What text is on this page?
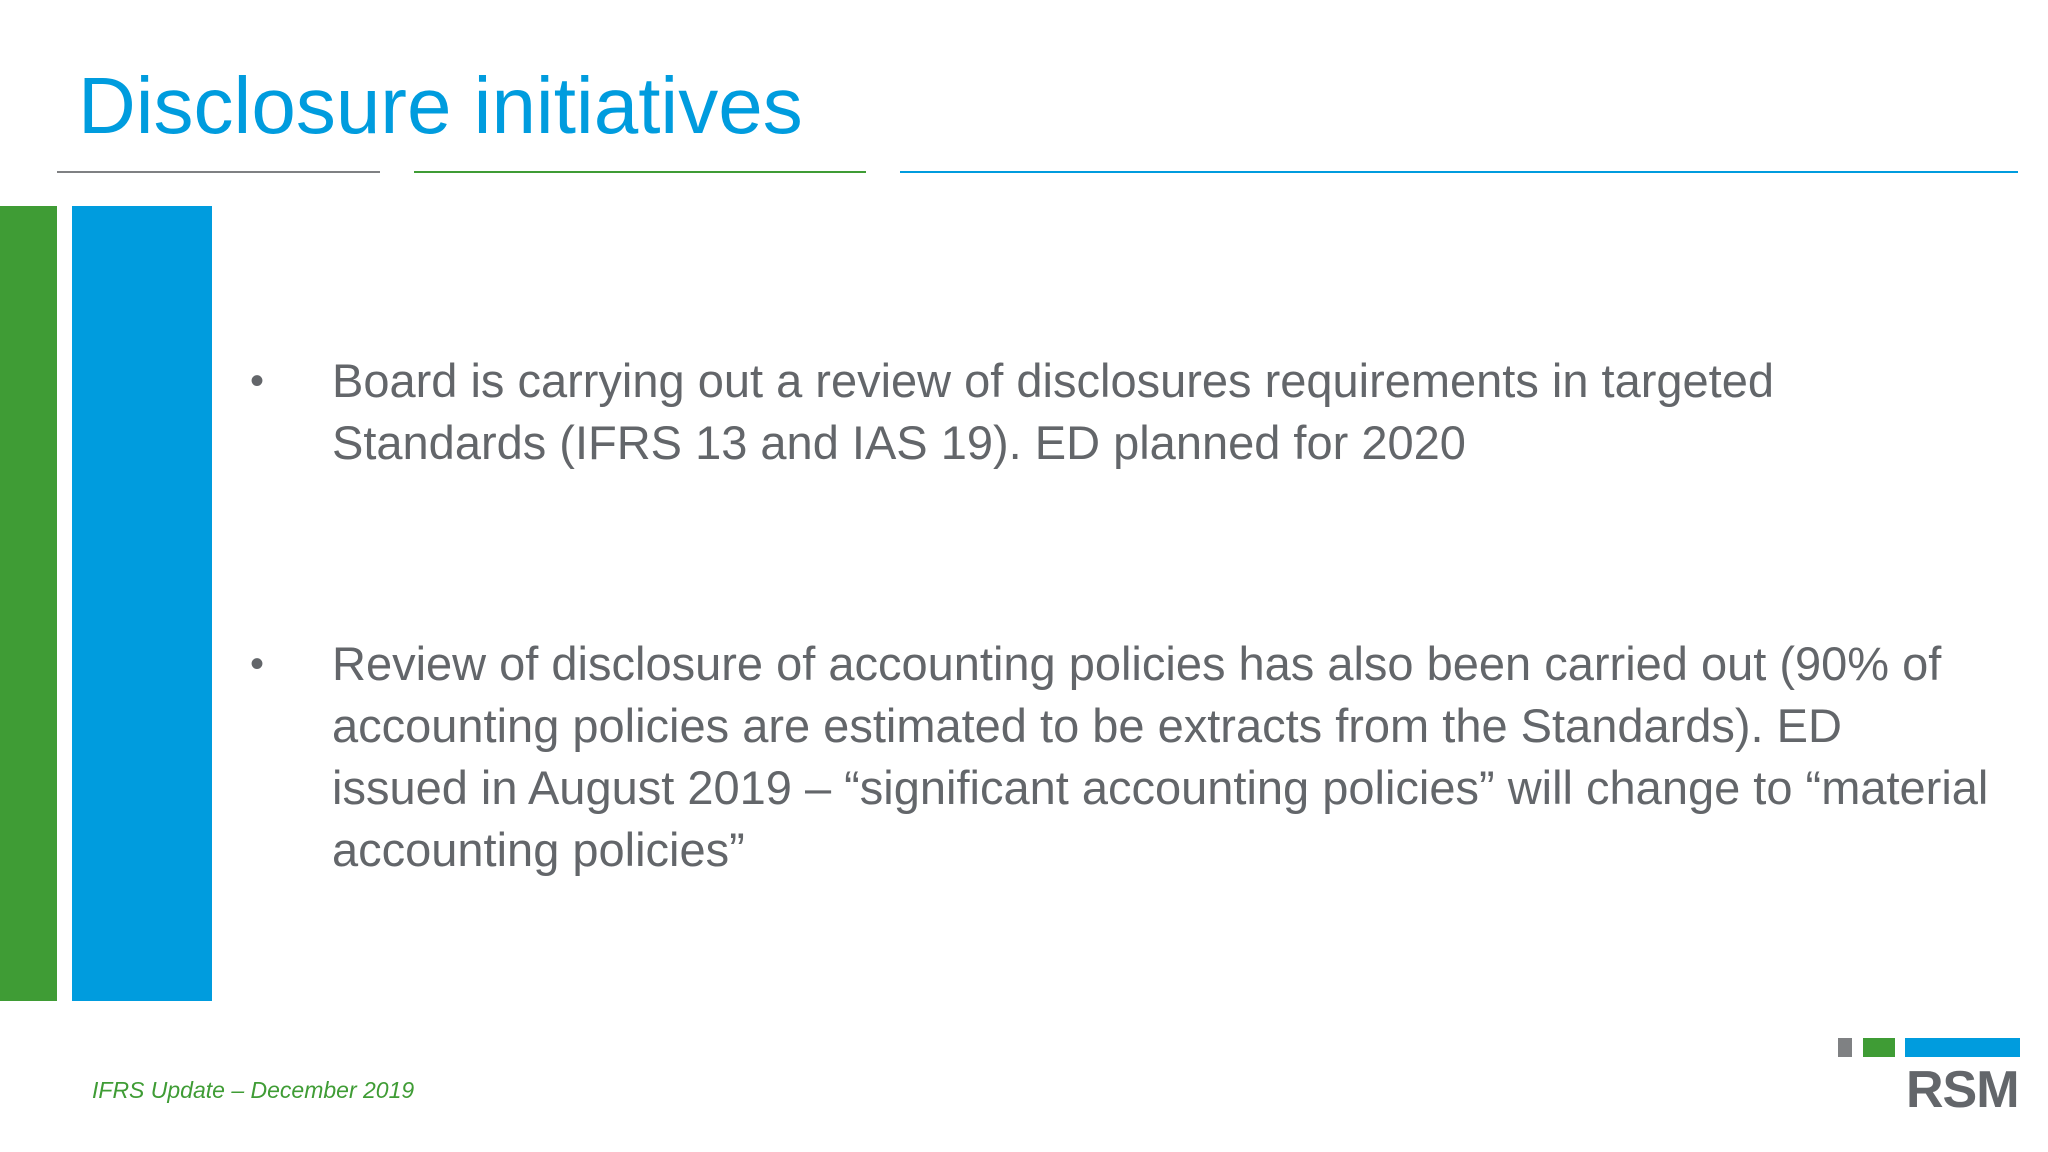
Disclosure initiatives
•	Board is carrying out a review of disclosures requirements in targeted Standards (IFRS 13 and IAS 19). ED planned for 2020
•	Review of disclosure of accounting policies has also been carried out (90% of accounting policies are estimated to be extracts from the Standards). ED issued in August 2019 – “significant accounting policies” will change to “material accounting policies”
IFRS Update – December 2019	RSM
